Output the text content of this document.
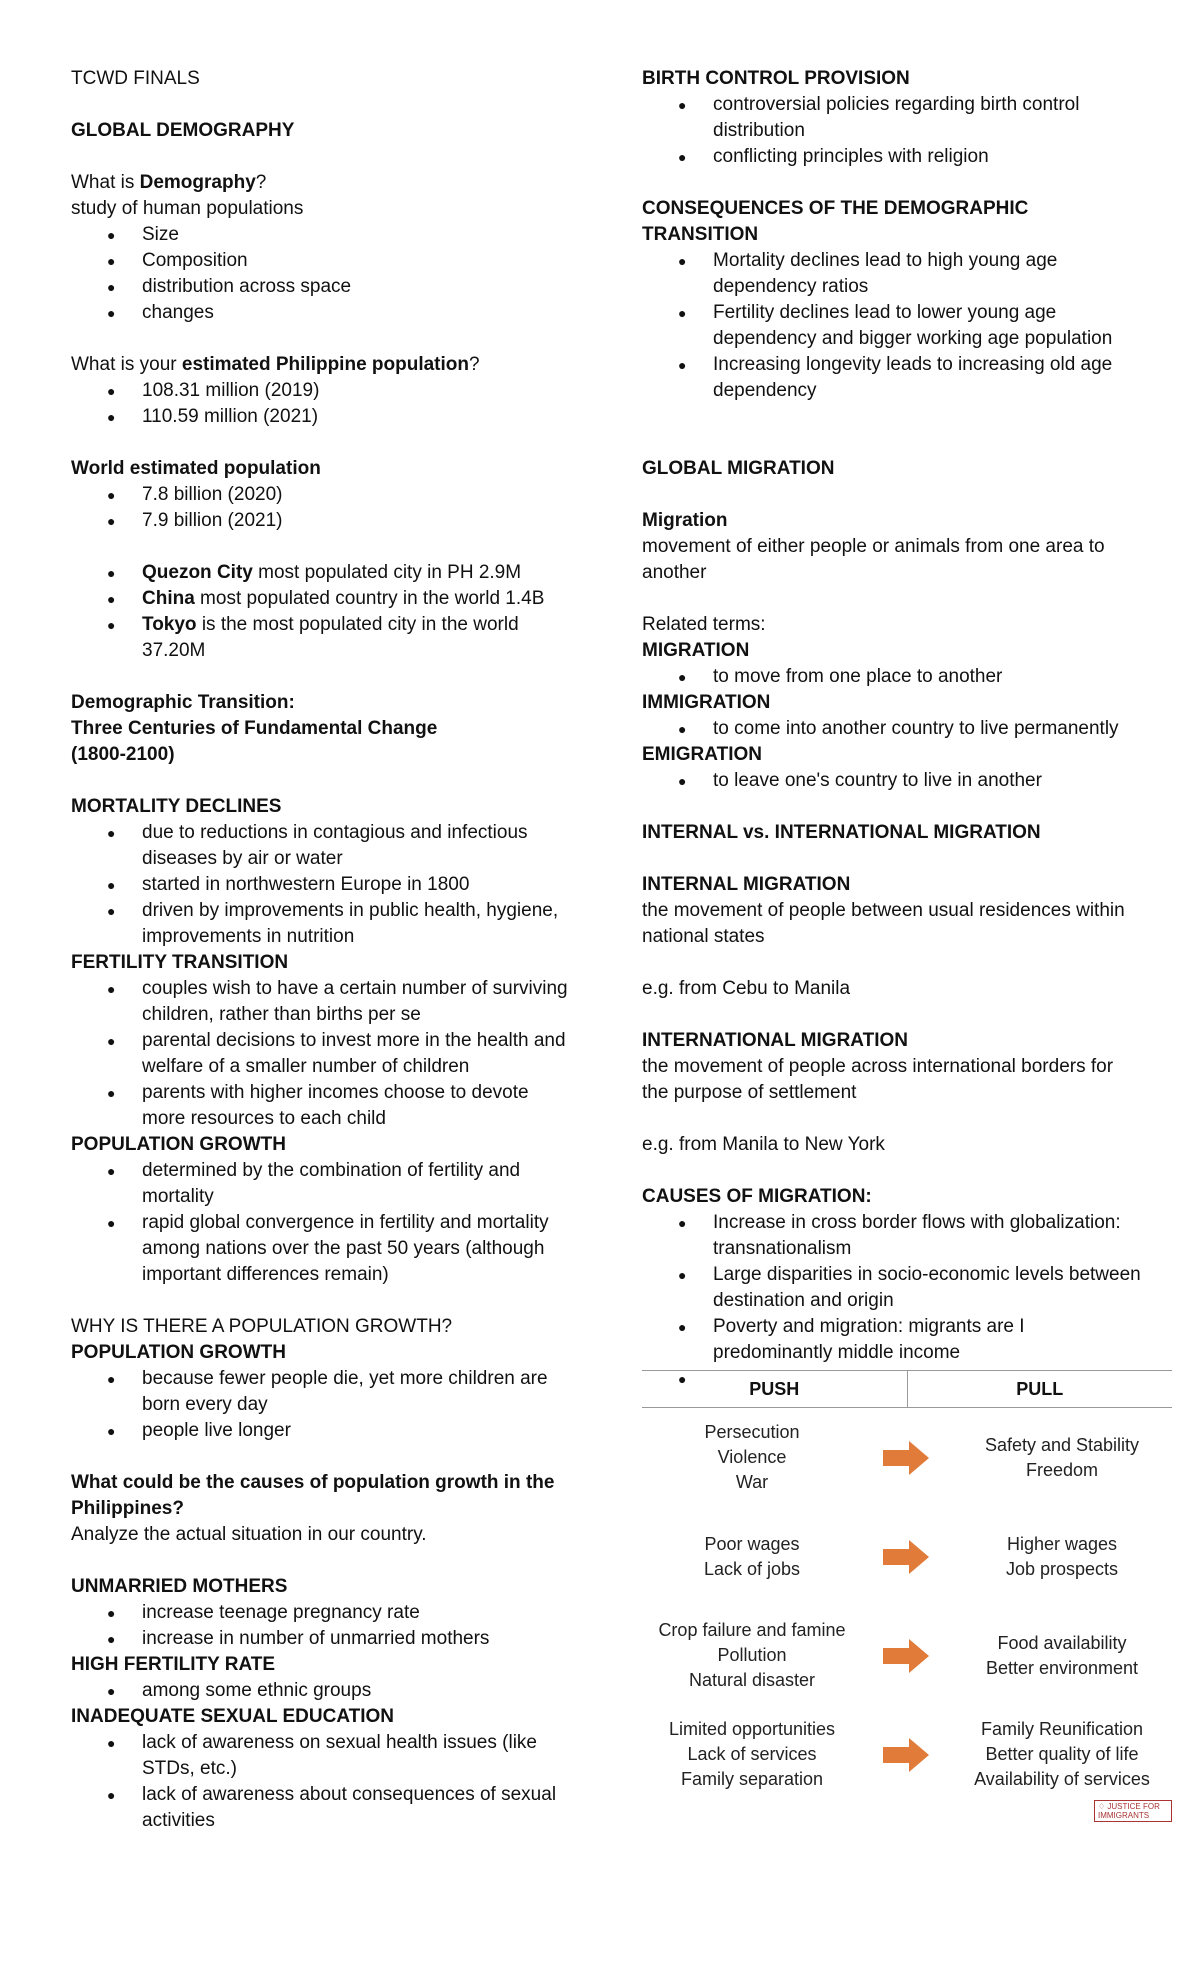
TCWD FINALS

GLOBAL DEMOGRAPHY

What is Demography?

study of human populations

● Size
● Composition
● distribution across space
● changes

What is your estimated Philippine population?

● 108.31 million (2019)
● 110.59 million (2021)

World estimated population

● 7.8 billion (2020)
● 7.9 billion (2021)
● Quezon City most populated city in PH 2.9M
● China most populated country in the world 1.4B
● Tokyo is the most populated city in the world 37.20M

Demographic Transition:

Three Centuries of Fundamental Change

(1800-2100)

MORTALITY DECLINES

● due to reductions in contagious and infectious diseases by air or water
● started in northwestern Europe in 1800
● driven by improvements in public health, hygiene, improvements in nutrition

FERTILITY TRANSITION

● couples wish to have a certain number of surviving children, rather than births per se
● parental decisions to invest more in the health and welfare of a smaller number of children
● parents with higher incomes choose to devote more resources to each child

POPULATION GROWTH

● determined by the combination of fertility and mortality
● rapid global convergence in fertility and mortality among nations over the past 50 years (although important differences remain)

WHY IS THERE A POPULATION GROWTH?

POPULATION GROWTH

● because fewer people die, yet more children are born every day
● people live longer

What could be the causes of population growth in the Philippines?

Analyze the actual situation in our country.

UNMARRIED MOTHERS

● increase teenage pregnancy rate
● increase in number of unmarried mothers

HIGH FERTILITY RATE

● among some ethnic groups

INADEQUATE SEXUAL EDUCATION

● lack of awareness on sexual health issues (like STDs, etc.)
● lack of awareness about consequences of sexual activities

BIRTH CONTROL PROVISION

● controversial policies regarding birth control distribution
● conflicting principles with religion

CONSEQUENCES OF THE DEMOGRAPHIC TRANSITION

● Mortality declines lead to high young age dependency ratios
● Fertility declines lead to lower young age dependency and bigger working age population
● Increasing longevity leads to increasing old age dependency

GLOBAL MIGRATION

Migration

movement of either people or animals from one area to another

Related terms:

MIGRATION

● to move from one place to another

IMMIGRATION

● to come into another country to live permanently

EMIGRATION

● to leave one's country to live in another

INTERNAL vs. INTERNATIONAL MIGRATION

INTERNAL MIGRATION

the movement of people between usual residences within national states

e.g. from Cebu to Manila

INTERNATIONAL MIGRATION

the movement of people across international borders for the purpose of settlement

e.g. from Manila to New York

CAUSES OF MIGRATION:

● Increase in cross border flows with globalization: transnationalism
● Large disparities in socio-economic levels between destination and origin
● Poverty and migration: migrants are I predominantly middle income
PUSH	PULL
Persecution
Violence
War
Safety and Stability
Freedom
Poor wages
Lack of jobs
Higher wages
Job prospects
Crop failure and famine
Pollution
Natural disaster
Food availability
Better environment
Limited opportunities
Lack of services
Family separation
Family Reunification
Better quality of life
Availability of services
♢ JUSTICE FOR IMMIGRANTS
